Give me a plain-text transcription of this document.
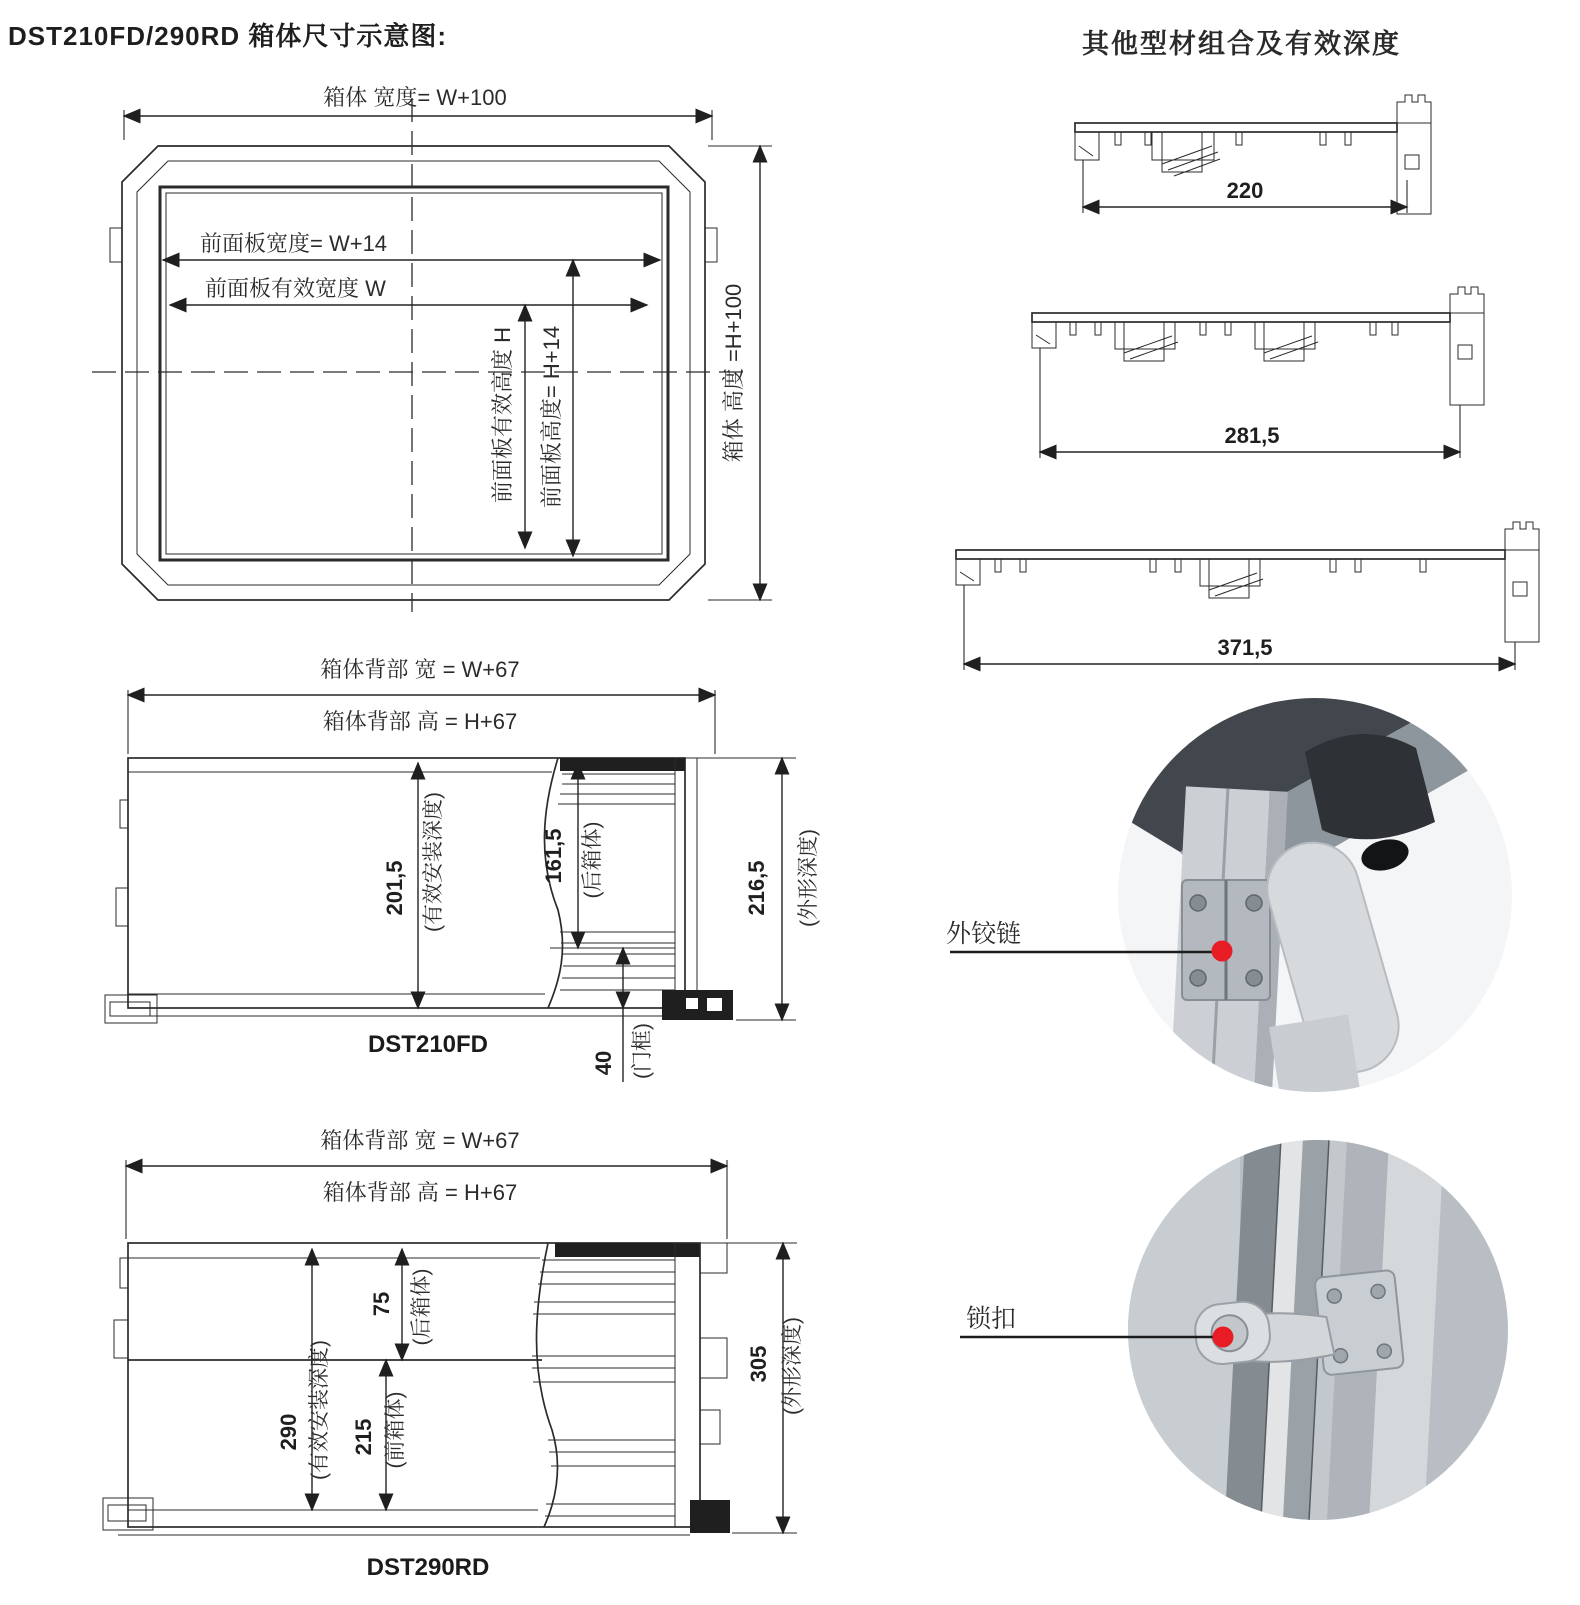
DST210FD/290RD 箱体尺寸示意图:	其他型材组合及有效深度
箱体 宽度= W+100
前面板宽度= W+14
前面板有效宽度 W
前面板有效高度 H 前面板高度= H+14	箱体 高度 =H+100
220
281,5
371,5
箱体背部 宽 = W+67
箱体背部 高 = H+67
201,5 (有效安装深度)	161,5 (后箱体)
40 (门框)
216,5 (外形深度)
DST210FD
箱体背部 宽 = W+67
箱体背部 高 = H+67
75 (后箱体)
290 (有效安装深度) 215 (前箱体)
305 (外形深度)
DST290RD
外铰链
锁扣
